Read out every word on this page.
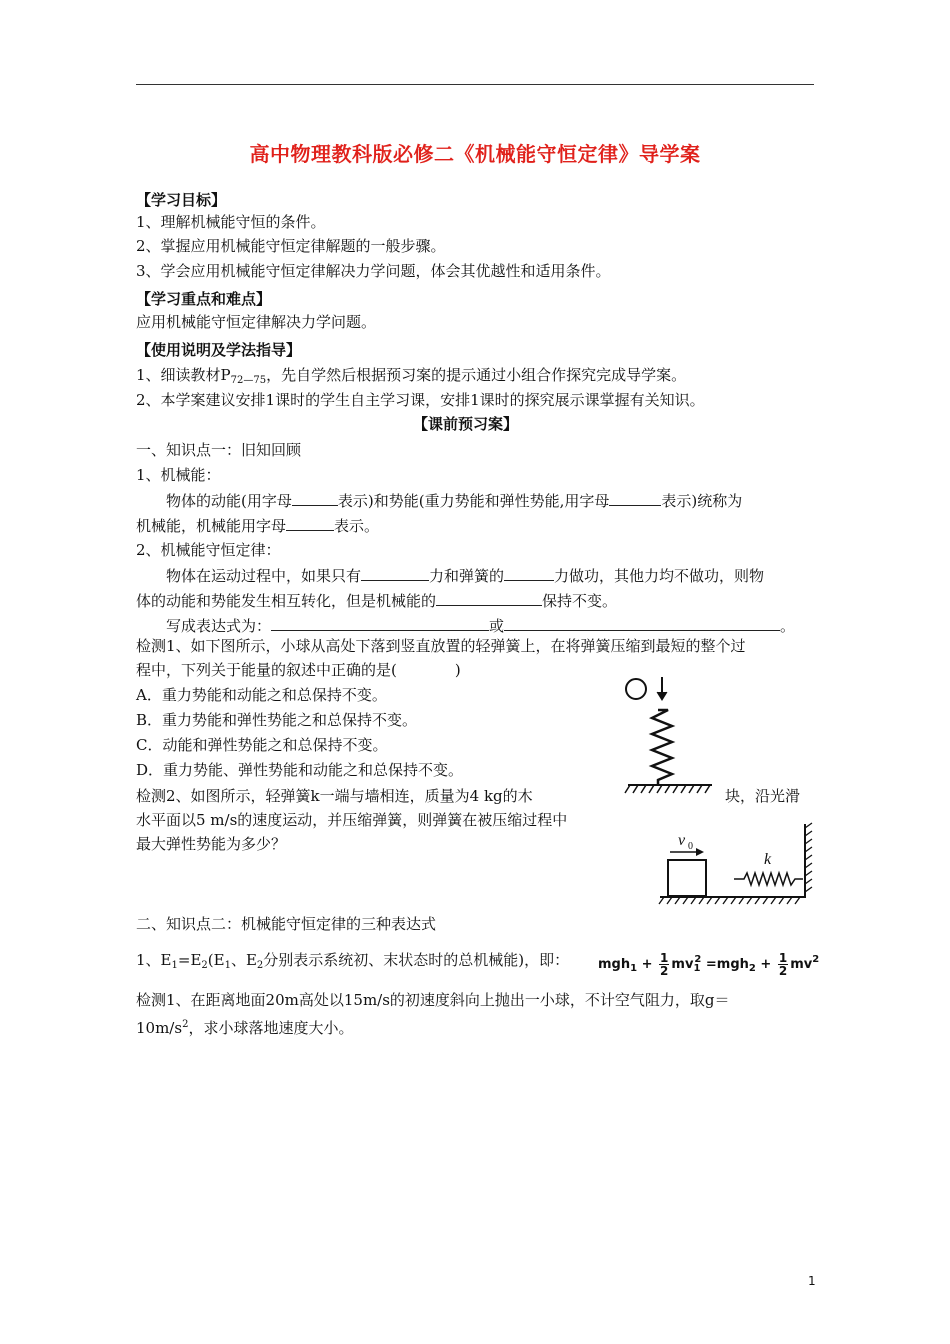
高中物理教科版必修二《机械能守恒定律》导学案
【学习目标】
1、理解机械能守恒的条件。
2、掌握应用机械能守恒定律解题的一般步骤。
3、学会应用机械能守恒定律解决力学问题，体会其优越性和适用条件。
【学习重点和难点】
应用机械能守恒定律解决力学问题。
【使用说明及学法指导】
1、细读教材$P_{72—75}$，先自学然后根据预习案的提示通过小组合作探究完成导学案。
2、本学案建议安排1课时的学生自主学习课，安排1课时的探究展示课掌握有关知识。
【课前预习案】
一、知识点一：旧知回顾
1、机械能：
物体的动能(用字母	表示)和势能(重力势能和弹性势能,用字母	表示)统称为
机械能，机械能用字母	表示。
2、机械能守恒定律：
物体在运动过程中，如果只有	力和弹簧的	力做功，其他力均不做功，则物
体的动能和势能发生相互转化，但是机械能的	保持不变。
写成表达式为：	或	。
检测1、如下图所示，小球从高处下落到竖直放置的轻弹簧上，在将弹簧压缩到最短的整个过
程中，下列关于能量的叙述中正确的是(	)
A．重力势能和动能之和总保持不变。
B．重力势能和弹性势能之和总保持不变。
C．动能和弹性势能之和总保持不变。
D．重力势能、弹性势能和动能之和总保持不变。
检测2、如图所示，轻弹簧k一端与墙相连，质量为4 kg的木	块，沿光滑
水平面以5 m/s的速度运动，并压缩弹簧，则弹簧在被压缩过程中
最大弹性势能为多少？	v 0
k
二、知识点二：机械能守恒定律的三种表达式
1、$E_1=E_2(E_1$、$E_2$分别表示系统初、末状态时的总机械能)，即： $mgh_1 + \frac{1}{2} mv_1^2 =mgh_2 + \frac{1}{2} mv^2$
检测1、在距离地面20m高处以15m/s的初速度斜向上抛出一小球，不计空气阻力，取g＝
$10m/s^2$，求小球落地速度大小。
1
